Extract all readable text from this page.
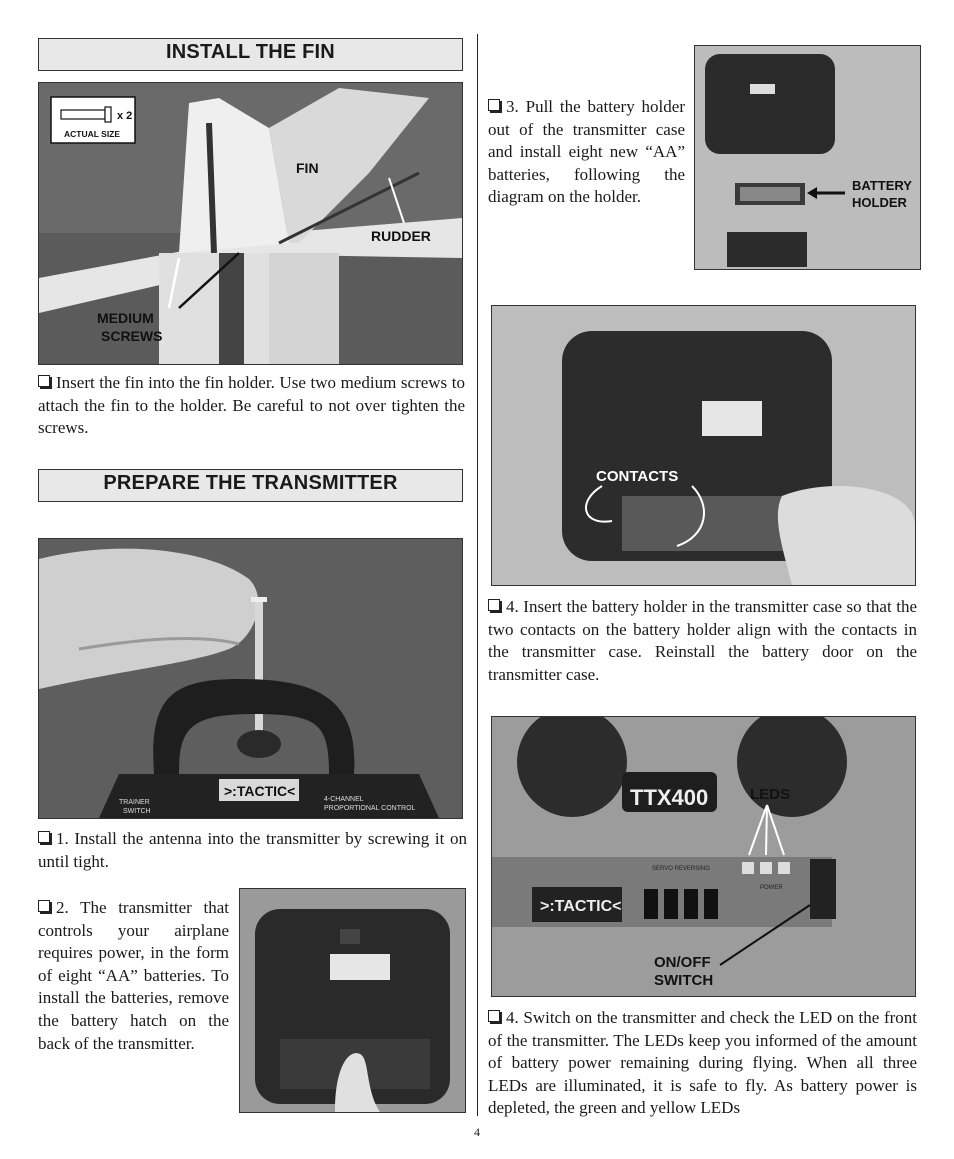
INSTALL THE FIN
x 2
ACTUAL SIZE
FIN
RUDDER
MEDIUM
SCREWS
Insert the fin into the fin holder. Use two medium screws to attach the fin to the holder. Be careful to not over tighten the screws.
PREPARE THE TRANSMITTER
>:TACTIC<
TRAINER
SWITCH
4-CHANNEL
PROPORTIONAL CONTROL
1. Install the antenna into the transmitter by screwing it on until tight.
2. The transmitter that controls your airplane requires power, in the form of eight “AA” batteries. To install the batteries, remove the battery hatch on the back of the transmitter.
3. Pull the battery holder out of the transmitter case and install eight new “AA” batteries, following the diagram on the holder.
BATTERY
HOLDER
CONTACTS
4. Insert the battery holder in the transmitter case so that the two contacts on the battery holder align with the contacts in the transmitter case. Reinstall the battery door on the transmitter case.
TTX400
>:TACTIC<
SERVO REVERSING
POWER
LEDS
ON/OFF
SWITCH
4. Switch on the transmitter and check the LED on the front of the transmitter. The LEDs keep you informed of the amount of battery power remaining during flying. When all three LEDs are illuminated, it is safe to fly. As battery power is depleted, the green and yellow LEDs
4
